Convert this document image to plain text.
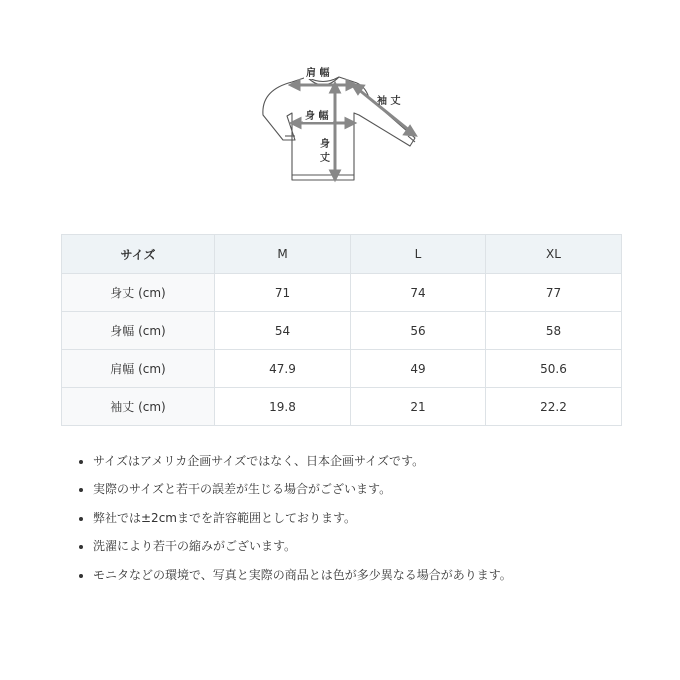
肩 幅
身 幅
身
丈
袖 丈
サイズ	M	L	XL
身丈 (cm)	71	74	77
身幅 (cm)	54	56	58
肩幅 (cm)	47.9	49	50.6
袖丈 (cm)	19.8	21	22.2
• サイズはアメリカ企画サイズではなく、日本企画サイズです。
• 実際のサイズと若干の誤差が生じる場合がございます。
• 弊社では±2cmまでを許容範囲としております。
• 洗濯により若干の縮みがございます。
• モニタなどの環境で、写真と実際の商品とは色が多少異なる場合があります。
